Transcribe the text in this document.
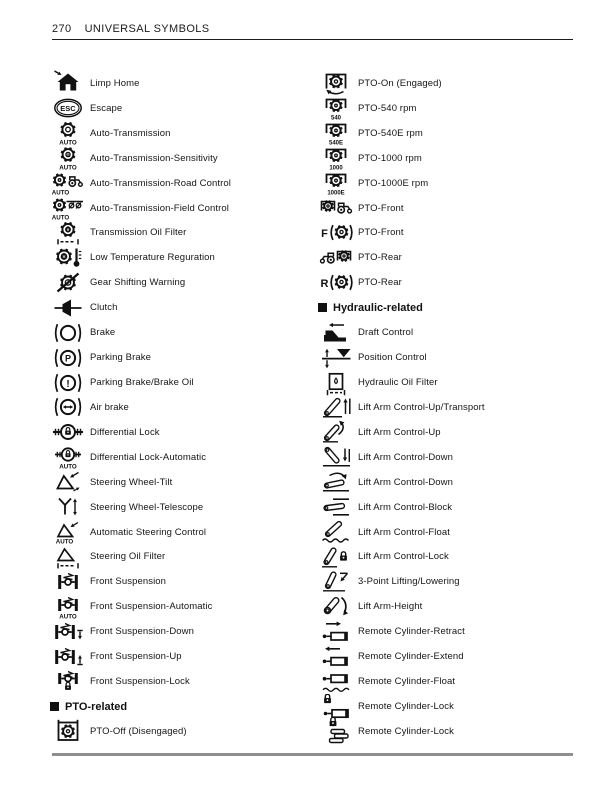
270 UNIVERSAL SYMBOLS
Limp Home
ESC	Escape
AUTO
Auto-Transmission
%
AUTO
Auto-Transmission-Sensitivity
AUTO
Auto-Transmission-Road Control
AUTO
Auto-Transmission-Field Control
Transmission Oil Filter
Low Temperature Reguration
Gear Shifting Warning
Clutch
Brake
P	Parking Brake
!	Parking Brake/Brake Oil
Air brake
Differential Lock
AUTO
Differential Lock-Automatic
Steering Wheel-Tilt
Steering Wheel-Telescope
AUTO
Automatic Steering Control
Steering Oil Filter
Front Suspension
AUTO
Front Suspension-Automatic
Front Suspension-Down
Front Suspension-Up
Front Suspension-Lock
PTO-related
PTO-Off (Disengaged)
PTO-On (Engaged)
540
PTO-540 rpm
540E
PTO-540E rpm
1000
PTO-1000 rpm
1000E
PTO-1000E rpm
PTO-Front
F	PTO-Front
PTO-Rear
R	PTO-Rear
Hydraulic-related
Draft Control
Position Control
Hydraulic Oil Filter
Lift Arm Control-Up/Transport
Lift Arm Control-Up
Lift Arm Control-Down
Lift Arm Control-Down
Lift Arm Control-Block
Lift Arm Control-Float
Lift Arm Control-Lock
3-Point Lifting/Lowering
Lift Arm-Height
Remote Cylinder-Retract
Remote Cylinder-Extend
Remote Cylinder-Float
Remote Cylinder-Lock
Remote Cylinder-Lock
